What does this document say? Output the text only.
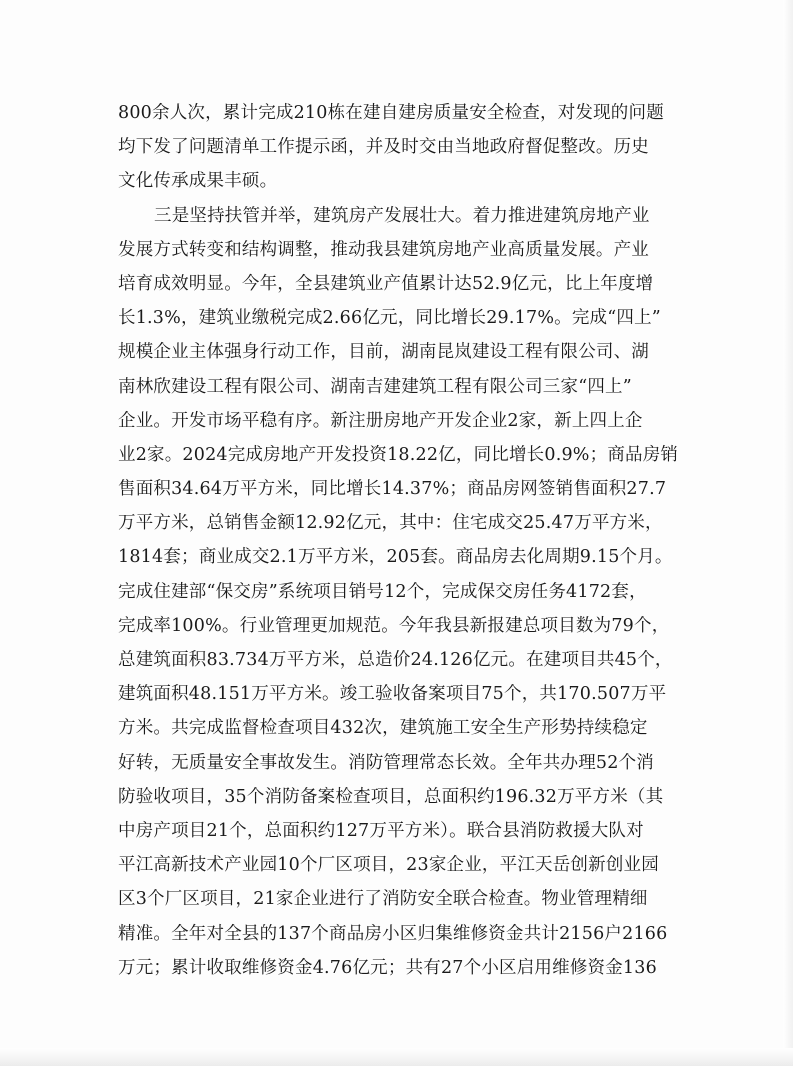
800余人次，累计完成210栋在建自建房质量安全检查，对发现的问题
均下发了问题清单工作提示函，并及时交由当地政府督促整改。历史
文化传承成果丰硕。
三是坚持扶管并举，建筑房产发展壮大。着力推进建筑房地产业
发展方式转变和结构调整，推动我县建筑房地产业高质量发展。产业
培育成效明显。今年，全县建筑业产值累计达52.9亿元，比上年度增
长1.3%，建筑业缴税完成2.66亿元，同比增长29.17%。完成“四上”
规模企业主体强身行动工作，目前，湖南昆岚建设工程有限公司、湖
南林欣建设工程有限公司、湖南吉建建筑工程有限公司三家“四上”
企业。开发市场平稳有序。新注册房地产开发企业2家，新上四上企
业2家。2024完成房地产开发投资18.22亿，同比增长0.9%；商品房销
售面积34.64万平方米，同比增长14.37%；商品房网签销售面积27.7
万平方米，总销售金额12.92亿元，其中：住宅成交25.47万平方米，
1814套；商业成交2.1万平方米，205套。商品房去化周期9.15个月。
完成住建部“保交房”系统项目销号12个，完成保交房任务4172套，
完成率100%。行业管理更加规范。今年我县新报建总项目数为79个，
总建筑面积83.734万平方米，总造价24.126亿元。在建项目共45个，
建筑面积48.151万平方米。竣工验收备案项目75个，共170.507万平
方米。共完成监督检查项目432次，建筑施工安全生产形势持续稳定
好转，无质量安全事故发生。消防管理常态长效。全年共办理52个消
防验收项目，35个消防备案检查项目，总面积约196.32万平方米（其
中房产项目21个，总面积约127万平方米）。联合县消防救援大队对
平江高新技术产业园10个厂区项目，23家企业，平江天岳创新创业园
区3个厂区项目，21家企业进行了消防安全联合检查。物业管理精细
精准。全年对全县的137个商品房小区归集维修资金共计2156户2166
万元；累计收取维修资金4.76亿元；共有27个小区启用维修资金136
